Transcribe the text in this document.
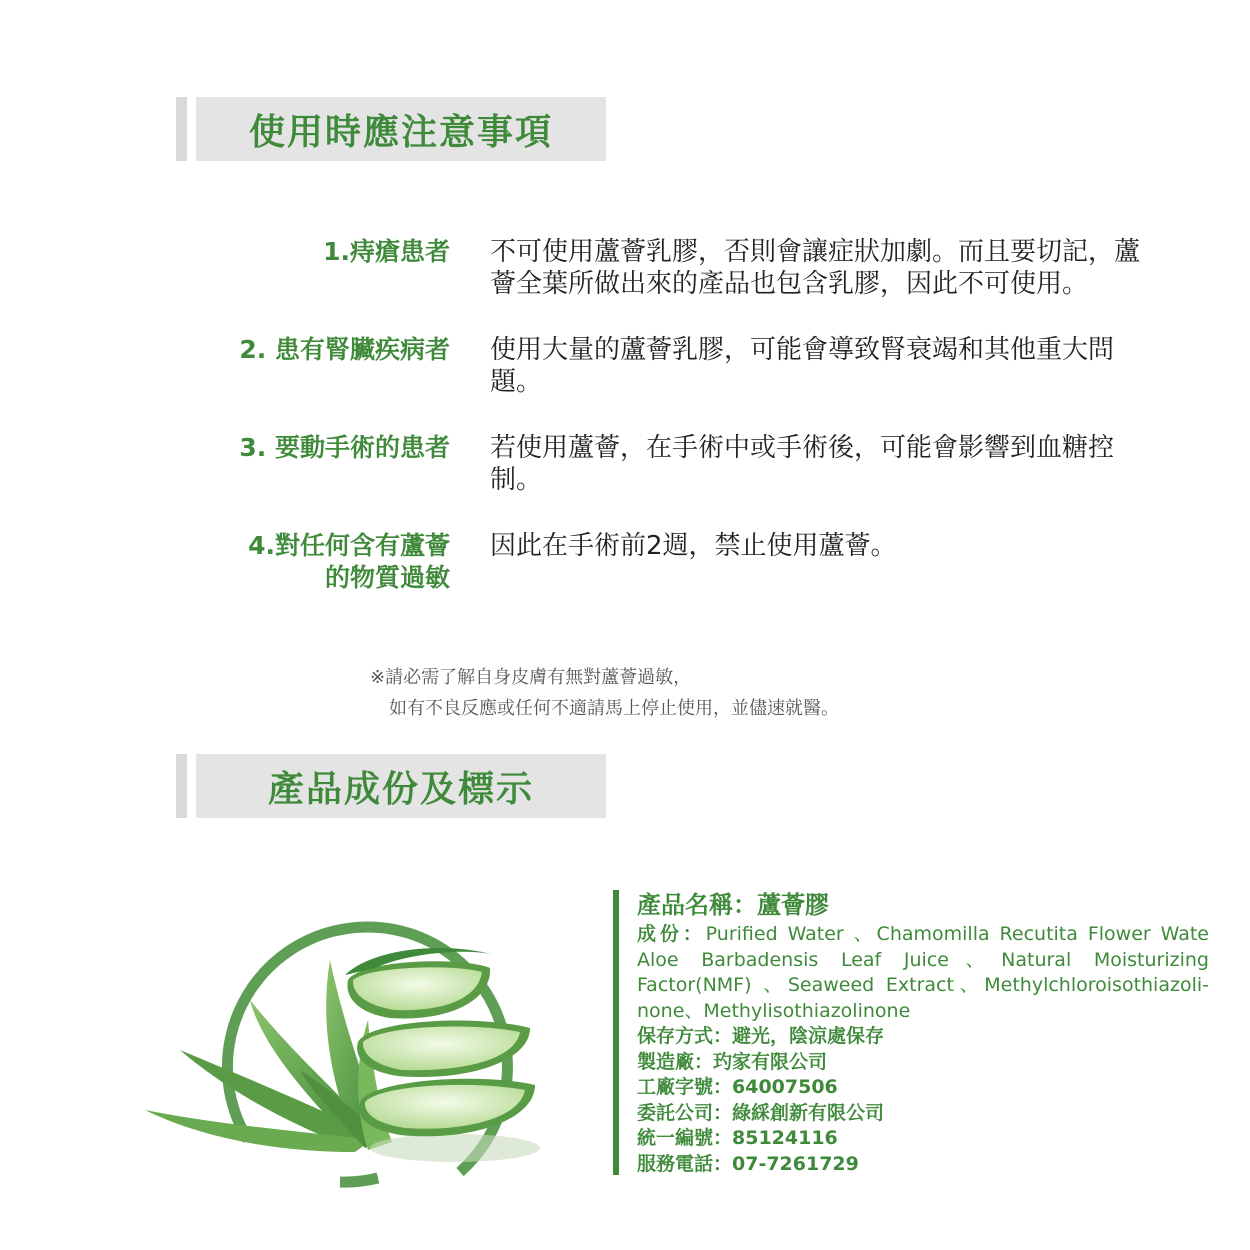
使用時應注意事項
1.痔瘡患者 不可使用蘆薈乳膠，否則會讓症狀加劇。而且要切記，蘆薈全葉所做出來的產品也包含乳膠，因此不可使用。
2. 患有腎臟疾病者 使用大量的蘆薈乳膠，可能會導致腎衰竭和其他重大問題。
3. 要動手術的患者 若使用蘆薈，在手術中或手術後，可能會影響到血糖控制。
4.對任何含有蘆薈
的物質過敏
因此在手術前2週，禁止使用蘆薈。
※請必需了解自身皮膚有無對蘆薈過敏，
如有不良反應或任何不適請馬上停止使用，並儘速就醫。
產品成份及標示
產品名稱：蘆薈膠
成份：Purified Water 、Chamomilla Recutita Flower Wate Aloe Barbadensis Leaf Juice、Natural Moisturizing Factor(NMF) 、Seaweed Extract、Methylchloroisothiazoli-none、Methylisothiazolinone
保存方式：避光，陰涼處保存
製造廠：玓家有限公司
工廠字號：64007506
委託公司：綠綵創新有限公司
統一編號：85124116
服務電話：07-7261729
